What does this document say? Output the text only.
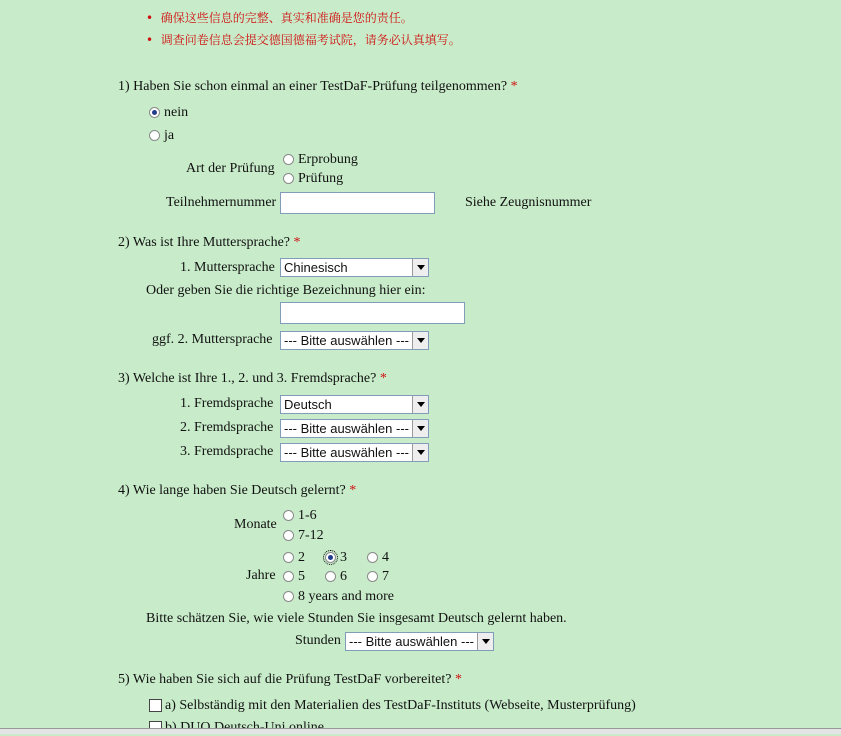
• 确保这些信息的完整、真实和准确是您的责任。
• 调查问卷信息会提交德国德福考试院，请务必认真填写。
1) Haben Sie schon einmal an einer TestDaF-Prüfung teilgenommen? *
nein
ja
Art der Prüfung
Erprobung
Prüfung
Teilnehmernummer	Siehe Zeugnisnummer
2) Was ist Ihre Muttersprache? *
1. Muttersprache Chinesisch
Oder geben Sie die richtige Bezeichnung hier ein:
ggf. 2. Muttersprache --- Bitte auswählen ---
3) Welche ist Ihre 1., 2. und 3. Fremdsprache? *
1. Fremdsprache Deutsch
2. Fremdsprache --- Bitte auswählen ---
3. Fremdsprache --- Bitte auswählen ---
4) Wie lange haben Sie Deutsch gelernt? *
Monate
1-6
7-12
Jahre
2	3	4
5	6	7
8 years and more
Bitte schätzen Sie, wie viele Stunden Sie insgesamt Deutsch gelernt haben.
Stunden --- Bitte auswählen ---
5) Wie haben Sie sich auf die Prüfung TestDaF vorbereitet? *
a) Selbständig mit den Materialien des TestDaF-Instituts (Webseite, Musterprüfung)
